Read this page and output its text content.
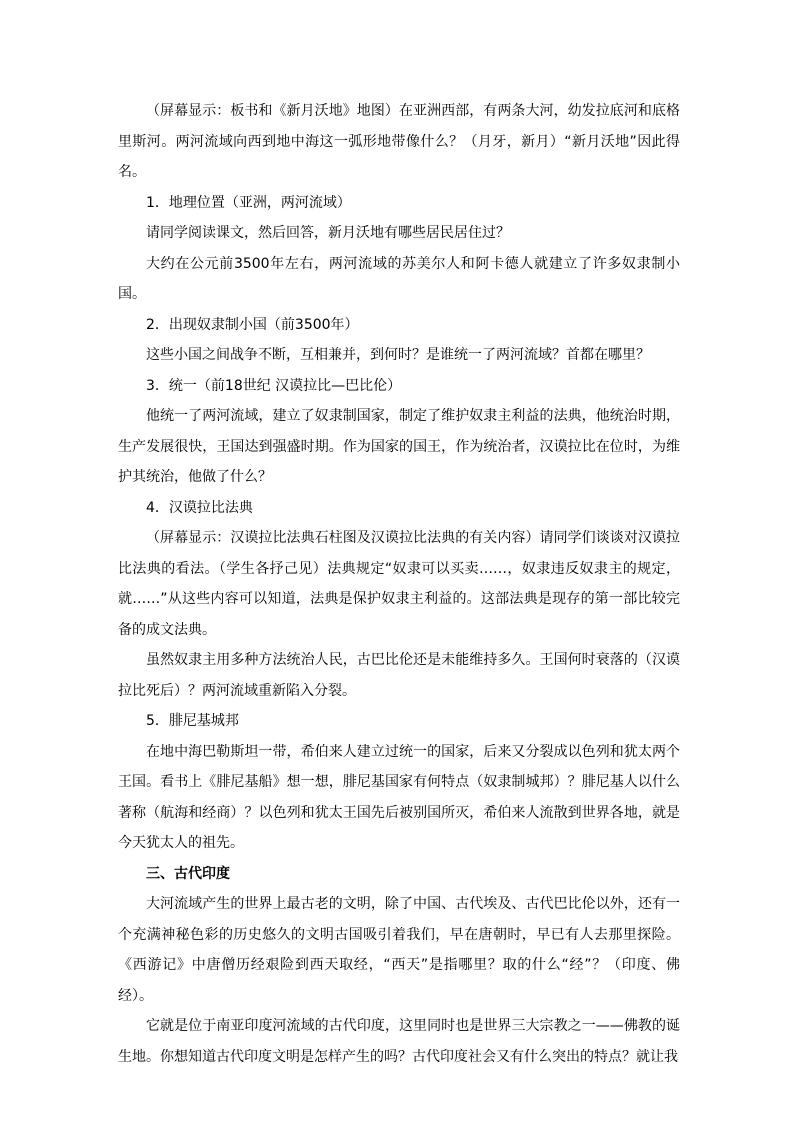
（屏幕显示：板书和《新月沃地》地图）在亚洲西部，有两条大河，幼发拉底河和底格里斯河。两河流域向西到地中海这一弧形地带像什么？（月牙，新月）“新月沃地”因此得名。

1．地理位置（亚洲，两河流域）

请同学阅读课文，然后回答，新月沃地有哪些居民居住过？

大约在公元前3500年左右，两河流域的苏美尔人和阿卡德人就建立了许多奴隶制小国。

2．出现奴隶制小国（前3500年）

这些小国之间战争不断，互相兼并，到何时？是谁统一了两河流域？首都在哪里？

3．统一（前18世纪 汉谟拉比—巴比伦）

他统一了两河流域，建立了奴隶制国家，制定了维护奴隶主利益的法典，他统治时期，生产发展很快，王国达到强盛时期。作为国家的国王，作为统治者，汉谟拉比在位时，为维护其统治，他做了什么？

4．汉谟拉比法典

（屏幕显示：汉谟拉比法典石柱图及汉谟拉比法典的有关内容）请同学们谈谈对汉谟拉比法典的看法。（学生各抒己见）法典规定“奴隶可以买卖……，奴隶违反奴隶主的规定，就……”从这些内容可以知道，法典是保护奴隶主利益的。这部法典是现存的第一部比较完备的成文法典。

虽然奴隶主用多种方法统治人民，古巴比伦还是未能维持多久。王国何时衰落的（汉谟拉比死后）？两河流域重新陷入分裂。

5．腓尼基城邦

在地中海巴勒斯坦一带，希伯来人建立过统一的国家，后来又分裂成以色列和犹太两个王国。看书上《腓尼基船》想一想，腓尼基国家有何特点（奴隶制城邦）？腓尼基人以什么著称（航海和经商）？以色列和犹太王国先后被别国所灭，希伯来人流散到世界各地，就是今天犹太人的祖先。

三、古代印度

大河流域产生的世界上最古老的文明，除了中国、古代埃及、古代巴比伦以外，还有一个充满神秘色彩的历史悠久的文明古国吸引着我们，早在唐朝时，早已有人去那里探险。《西游记》中唐僧历经艰险到西天取经，“西天”是指哪里？取的什么“经”？（印度、佛经）。

它就是位于南亚印度河流域的古代印度，这里同时也是世界三大宗教之一——佛教的诞生地。你想知道古代印度文明是怎样产生的吗？古代印度社会又有什么突出的特点？就让我
